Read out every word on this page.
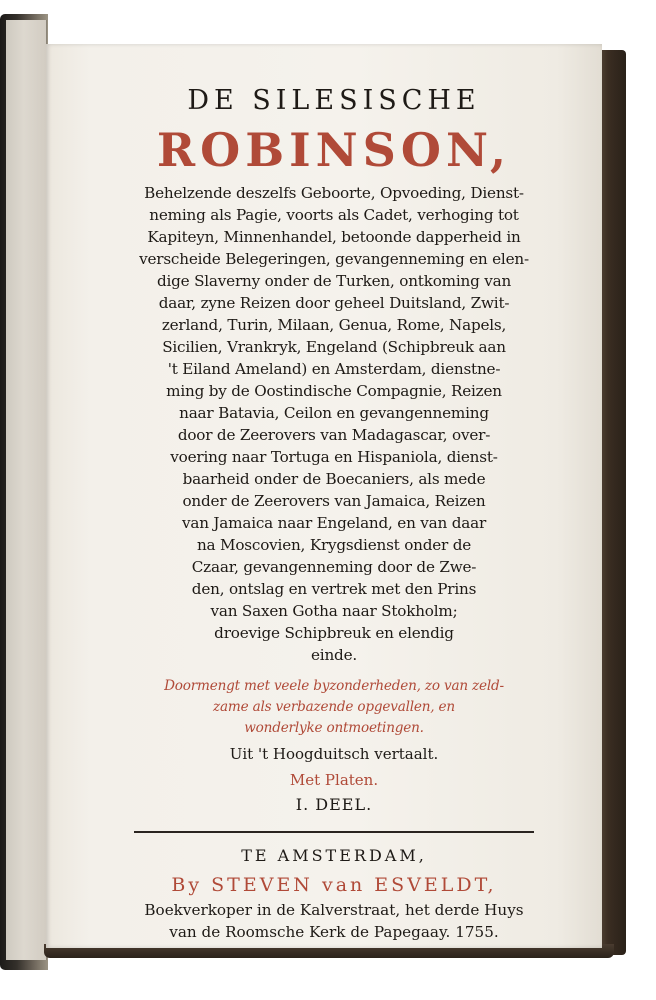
DE SILESISCHE

ROBINSON,

Behelzende deszelfs Geboorte, Opvoeding, Dienst-
neming als Pagie, voorts als Cadet, verhoging tot
Kapiteyn, Minnenhandel, betoonde dapperheid in
verscheide Belegeringen, gevangenneming en elen-
dige Slaverny onder de Turken, ontkoming van
daar, zyne Reizen door geheel Duitsland, Zwit-
zerland, Turin, Milaan, Genua, Rome, Napels,
Sicilien, Vrankryk, Engeland (Schipbreuk aan
't Eiland Ameland) en Amsterdam, dienstne-
ming by de Oostindische Compagnie, Reizen
naar Batavia, Ceilon en gevangenneming
door de Zeerovers van Madagascar, over-
voering naar Tortuga en Hispaniola, dienst-
baarheid onder de Boecaniers, als mede
onder de Zeerovers van Jamaica, Reizen
van Jamaica naar Engeland, en van daar
na Moscovien, Krygsdienst onder de
Czaar, gevangenneming door de Zwe-
den, ontslag en vertrek met den Prins
van Saxen Gotha naar Stokholm;
droevige Schipbreuk en elendig
einde.
Doormengt met veele byzonderheden, zo van zeld-
zame als verbazende opgevallen, en
wonderlyke ontmoetingen.

Uit 't Hoogduitsch vertaalt.

Met Platen.

I. DEEL.

TE AMSTERDAM,

By STEVEN van ESVELDT,

Boekverkoper in de Kalverstraat, het derde Huys
van de Roomsche Kerk de Papegaay. 1755.
